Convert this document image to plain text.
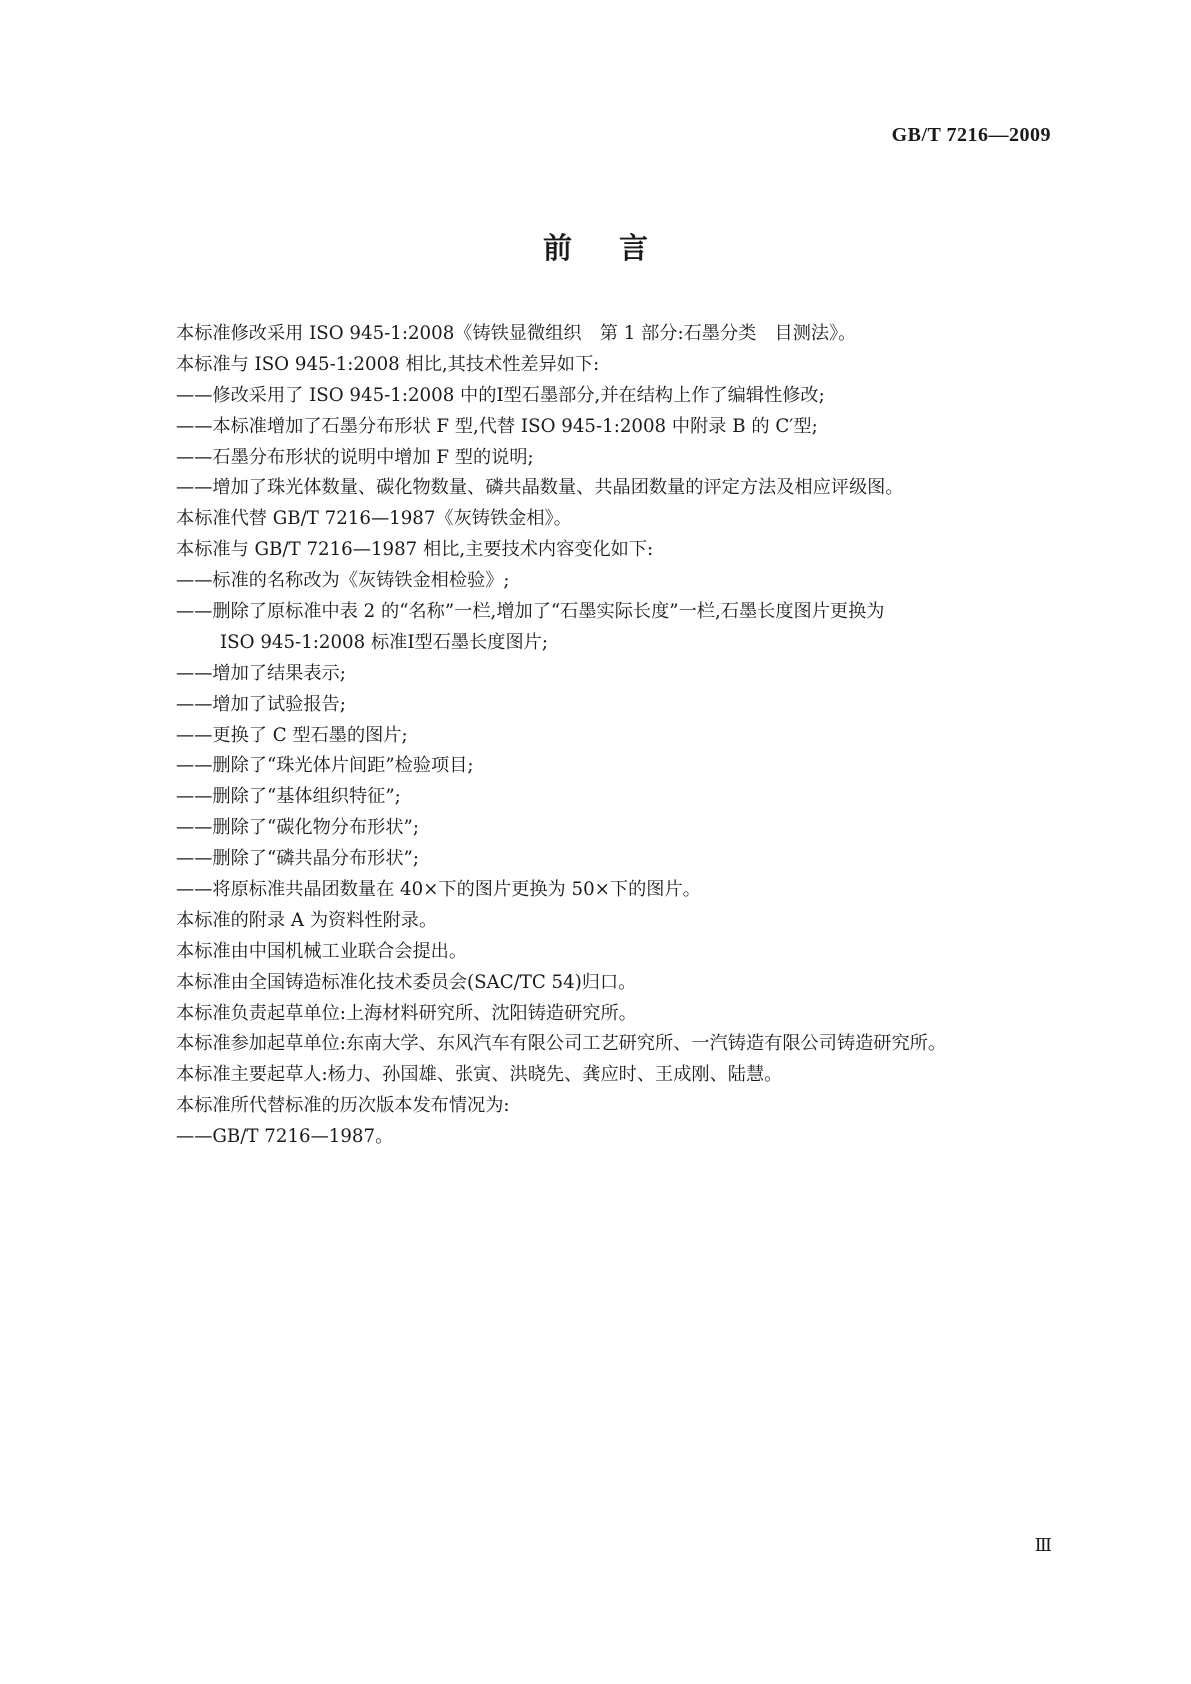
GB/T 7216—2009
前言
本标准修改采用 ISO 945-1:2008《铸铁显微组织　第 1 部分:石墨分类　目测法》。
本标准与 ISO 945-1:2008 相比,其技术性差异如下:
—— 修改采用了 ISO 945-1:2008 中的Ⅰ型石墨部分,并在结构上作了编辑性修改;
—— 本标准增加了石墨分布形状 F 型,代替 ISO 945-1:2008 中附录 B 的 C′型;
—— 石墨分布形状的说明中增加 F 型的说明;
—— 增加了珠光体数量、碳化物数量、磷共晶数量、共晶团数量的评定方法及相应评级图。
本标准代替 GB/T 7216—1987《灰铸铁金相》。
本标准与 GB/T 7216—1987 相比,主要技术内容变化如下:
—— 标准的名称改为《灰铸铁金相检验》;
—— 删除了原标准中表 2 的“名称”一栏,增加了“石墨实际长度”一栏,石墨长度图片更换为
ISO 945-1:2008 标准Ⅰ型石墨长度图片;
—— 增加了结果表示;
—— 增加了试验报告;
—— 更换了 C 型石墨的图片;
—— 删除了“珠光体片间距”检验项目;
—— 删除了“基体组织特征”;
—— 删除了“碳化物分布形状”;
—— 删除了“磷共晶分布形状”;
—— 将原标准共晶团数量在 40×下的图片更换为 50×下的图片。
本标准的附录 A 为资料性附录。
本标准由中国机械工业联合会提出。
本标准由全国铸造标准化技术委员会(SAC/TC 54)归口。
本标准负责起草单位:上海材料研究所、沈阳铸造研究所。
本标准参加起草单位:东南大学、东风汽车有限公司工艺研究所、一汽铸造有限公司铸造研究所。
本标准主要起草人:杨力、孙国雄、张寅、洪晓先、龚应时、王成刚、陆慧。
本标准所代替标准的历次版本发布情况为:
—— GB/T 7216—1987。
Ⅲ
